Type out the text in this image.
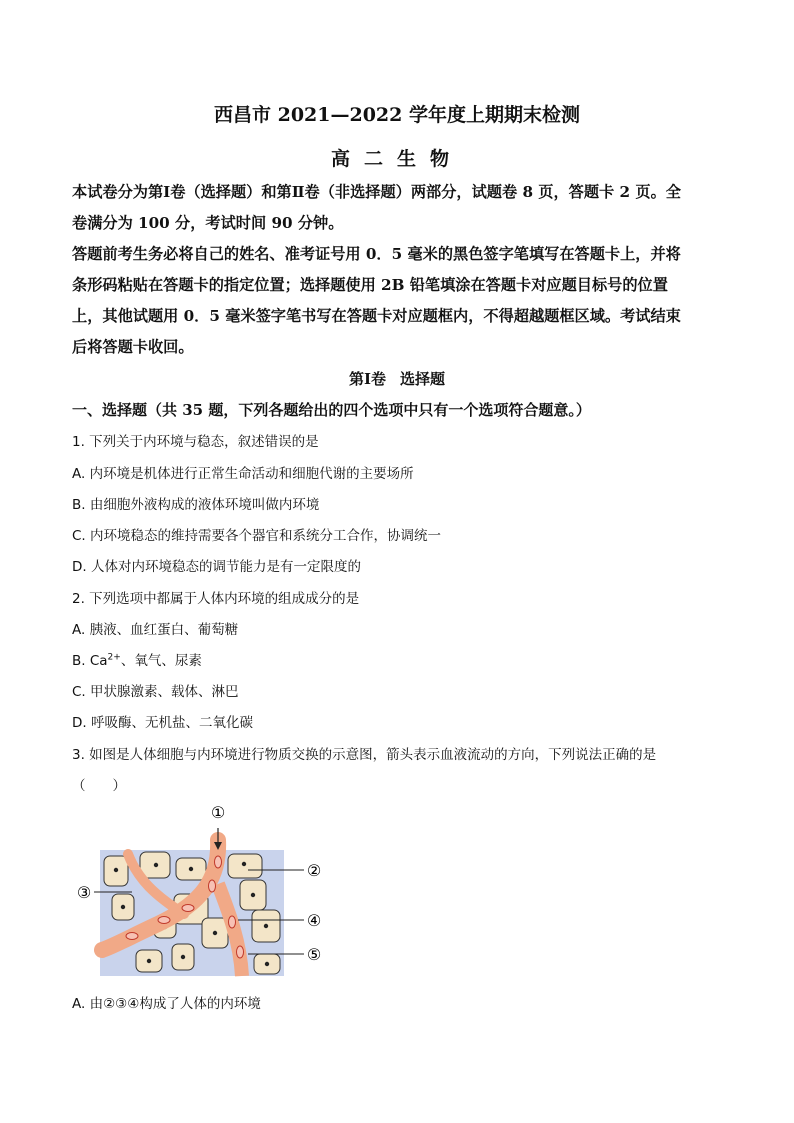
西昌市 2021—2022 学年度上期期末检测
高二生物

本试卷分为第Ⅰ卷（选择题）和第Ⅱ卷（非选择题）两部分，试题卷 8 页，答题卡 2 页。全

卷满分为 100 分，考试时间 90 分钟。

答题前考生务必将自己的姓名、准考证号用 0．5 毫米的黑色签字笔填写在答题卡上，并将

条形码粘贴在答题卡的指定位置；选择题使用 2B 铅笔填涂在答题卡对应题目标号的位置

上，其他试题用 0．5 毫米签字笔书写在答题卡对应题框内，不得超越题框区域。考试结束

后将答题卡收回。

第Ⅰ卷 选择题
一、选择题（共 35 题，下列各题给出的四个选项中只有一个选项符合题意。）
1. 下列关于内环境与稳态，叙述错误的是
A. 内环境是机体进行正常生命活动和细胞代谢的主要场所
B. 由细胞外液构成的液体环境叫做内环境
C. 内环境稳态的维持需要各个器官和系统分工合作，协调统一
D. 人体对内环境稳态的调节能力是有一定限度的
2. 下列选项中都属于人体内环境的组成成分的是
A. 胰液、血红蛋白、葡萄糖
B. $Ca^{2+}$、氧气、尿素
C. 甲状腺激素、载体、淋巴
D. 呼吸酶、无机盐、二氧化碳
3. 如图是人体细胞与内环境进行物质交换的示意图，箭头表示血液流动的方向，下列说法正确的是
（　　）
①
②
③
④
⑤
A. 由②③④构成了人体的内环境
